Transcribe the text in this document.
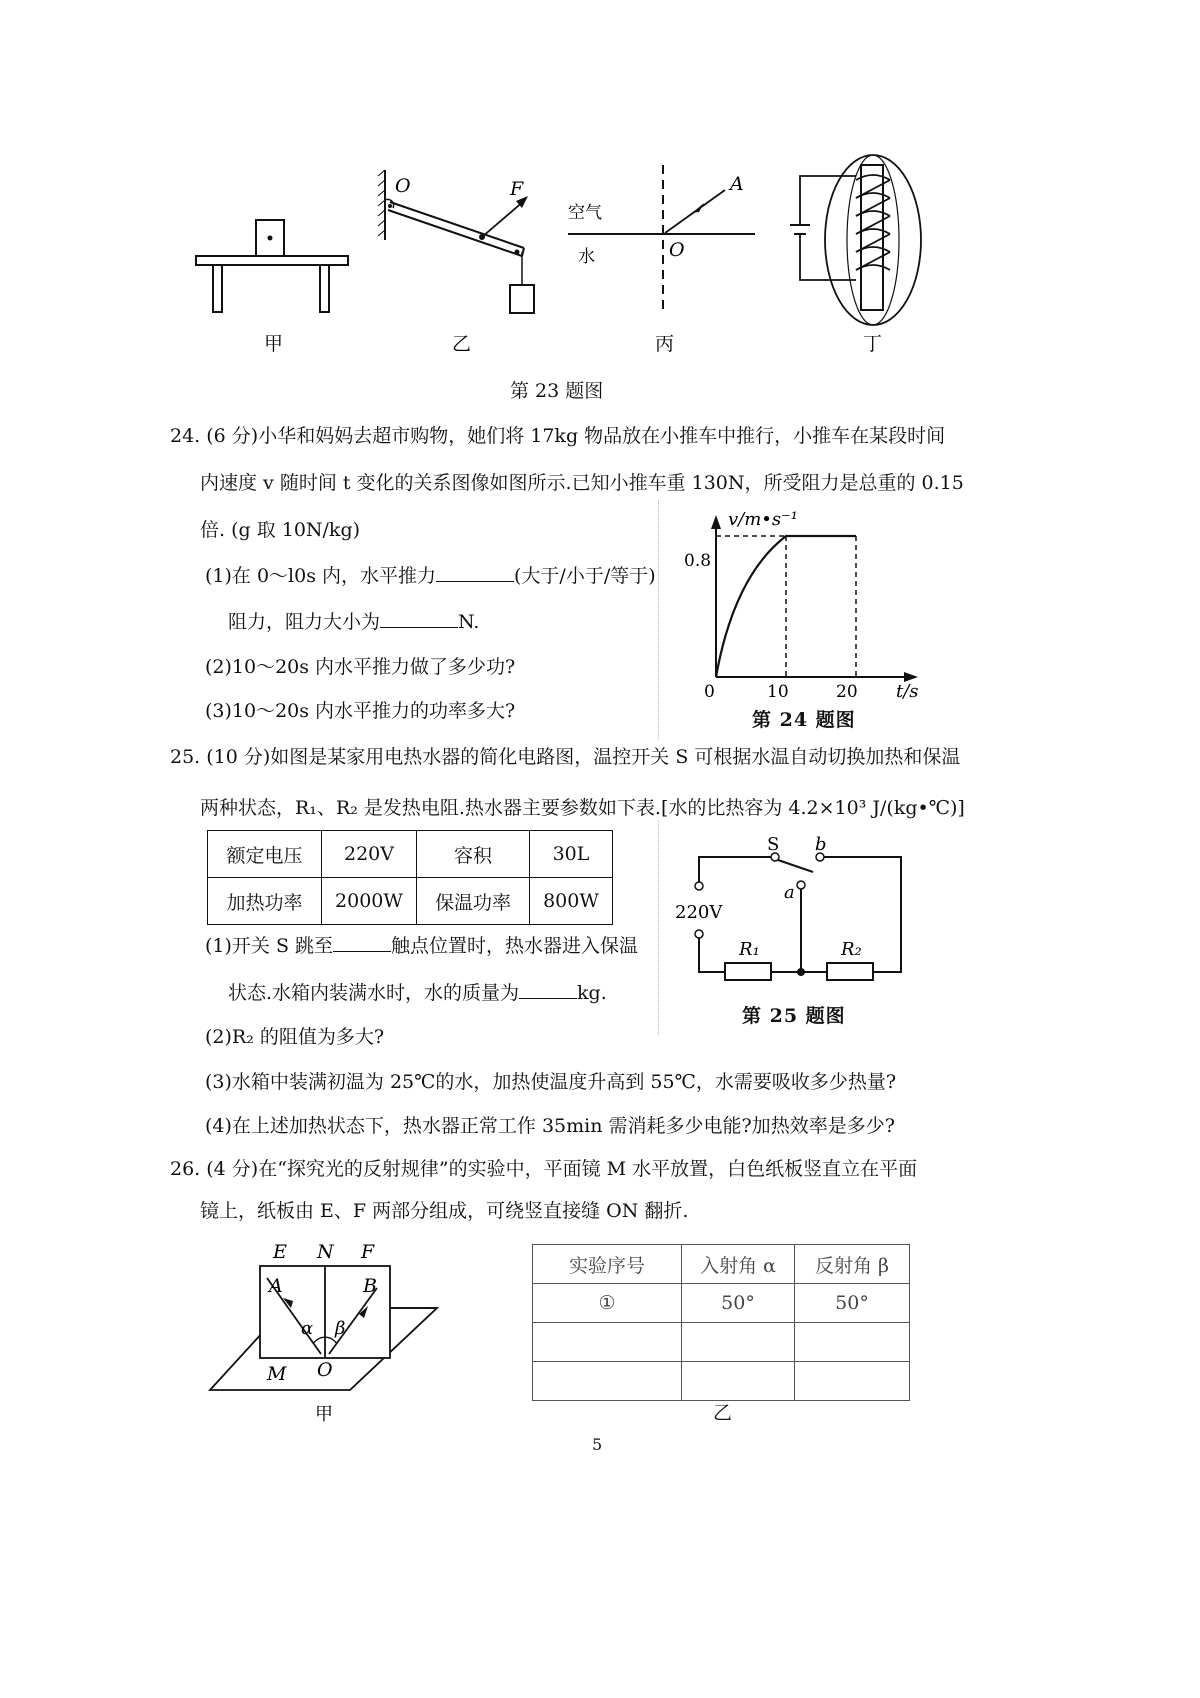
O	F
空气
水
A
O
甲	乙	丙	丁
第 23 题图
24. (6 分)小华和妈妈去超市购物，她们将 17kg 物品放在小推车中推行，小推车在某段时间
内速度 v 随时间 t 变化的关系图像如图所示.已知小推车重 130N，所受阻力是总重的 0.15
倍. (g 取 10N/kg)
(1)在 0～l0s 内，水平推力	(大于/小于/等于)
阻力，阻力大小为	N.
(2)10～20s 内水平推力做了多少功?
(3)10～20s 内水平推力的功率多大?
v/m•s⁻¹
0.8
0	10	20 t/s
第 24 题图
25. (10 分)如图是某家用电热水器的简化电路图，温控开关 S 可根据水温自动切换加热和保温
两种状态，R₁、R₂ 是发热电阻.热水器主要参数如下表.[水的比热容为 4.2×10³ J/(kg•℃)]
额定电压	220V	容积	30L
加热功率	2000W	保温功率	800W
(1)开关 S 跳至	触点位置时，热水器进入保温
状态.水箱内装满水时，水的质量为	kg.
(2)R₂ 的阻值为多大?
(3)水箱中装满初温为 25℃的水，加热使温度升高到 55℃，水需要吸收多少热量?
(4)在上述加热状态下，热水器正常工作 35min 需消耗多少电能?加热效率是多少?
S b
a
220V
R₁	R₂
第 25 题图
26. (4 分)在“探究光的反射规律”的实验中，平面镜 M 水平放置，白色纸板竖直立在平面
镜上，纸板由 E、F 两部分组成，可绕竖直接缝 ON 翻折.
E N F
A	B
α β
O
M
甲
实验序号	入射角 α	反射角 β
①	50°	50°

乙
5
